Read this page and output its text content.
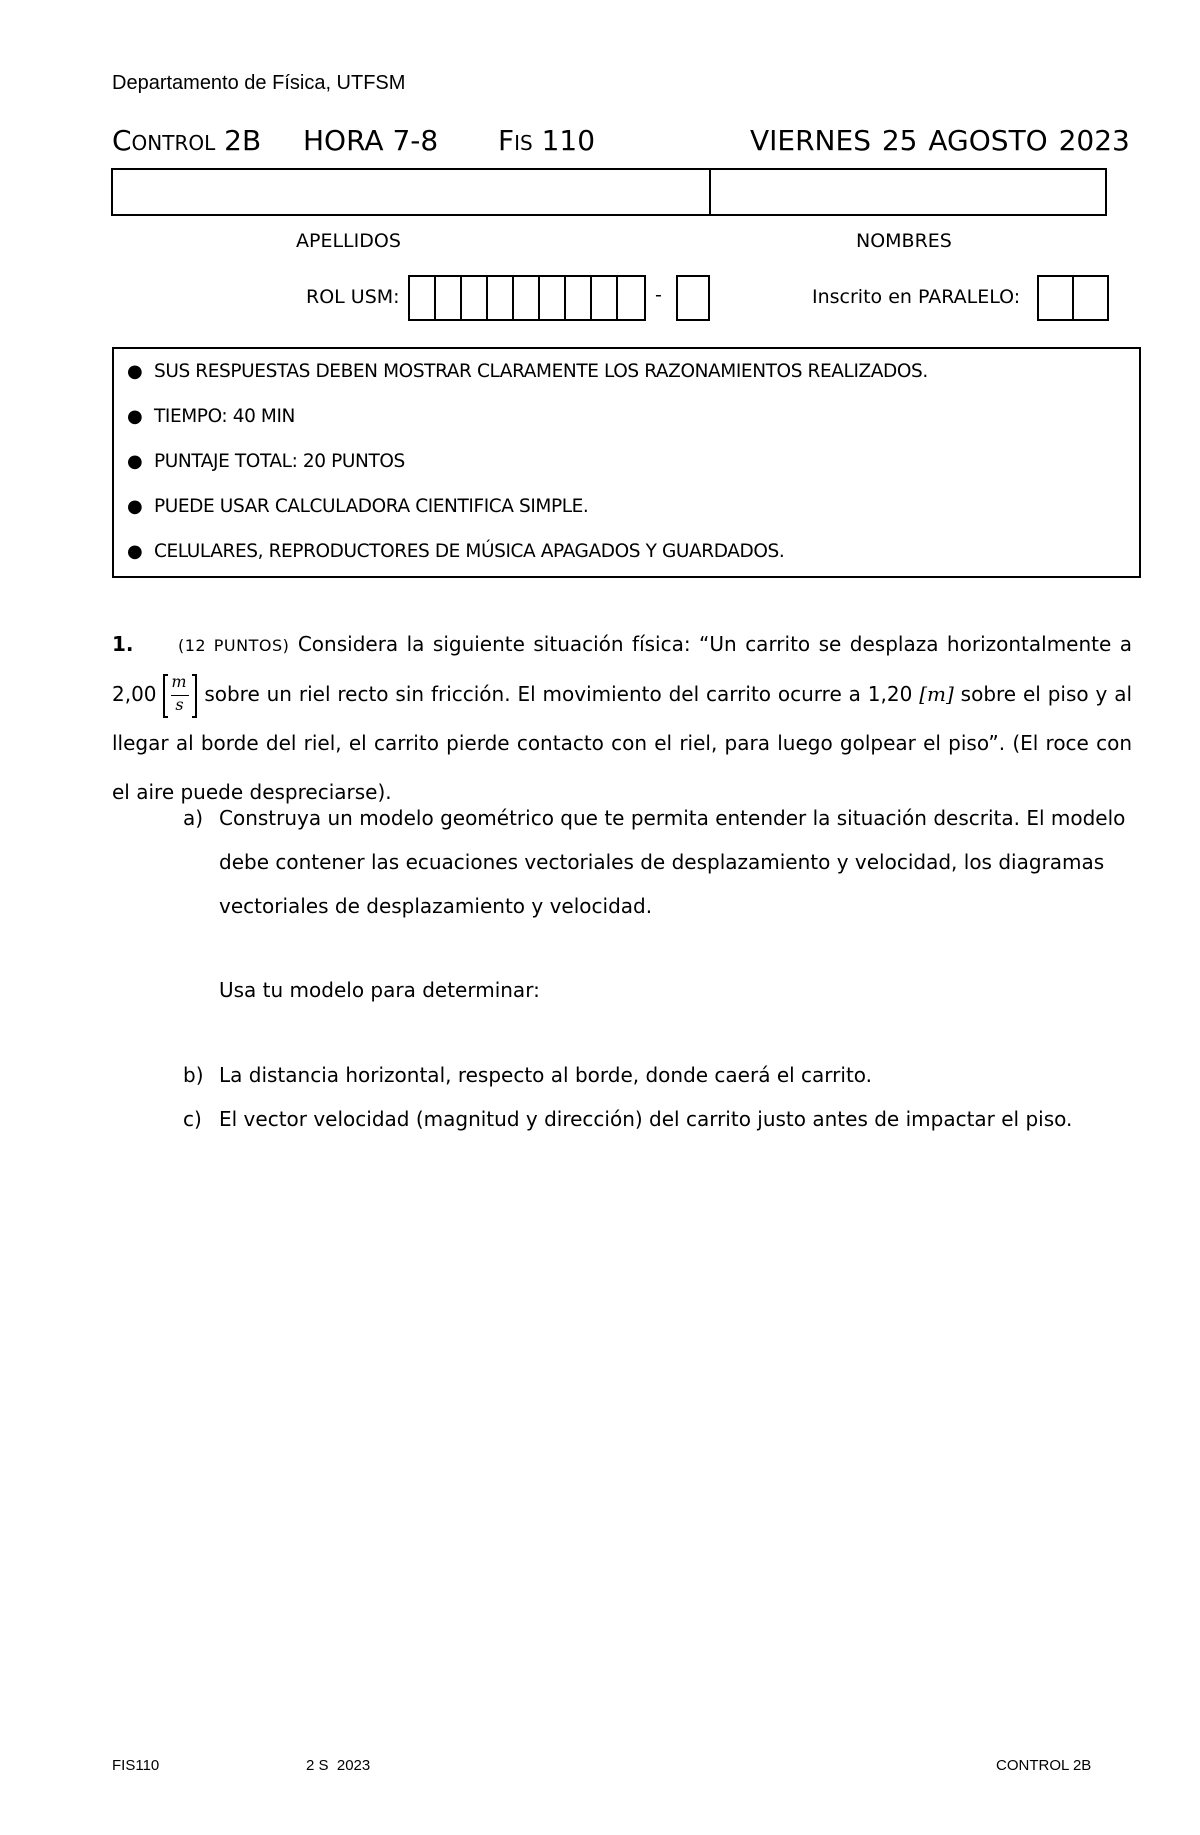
Departamento de Física, UTFSM
Control 2B HORA 7-8 Fis 110	VIERNES 25 AGOSTO 2023
APELLIDOS	NOMBRES
ROL USM:	-	Inscrito en PARALELO:
● SUS RESPUESTAS DEBEN MOSTRAR CLARAMENTE LOS RAZONAMIENTOS REALIZADOS.
● TIEMPO: 40 MIN
● PUNTAJE TOTAL: 20 PUNTOS
● PUEDE USAR CALCULADORA CIENTIFICA SIMPLE.
● CELULARES, REPRODUCTORES DE MÚSICA APAGADOS Y GUARDADOS.
1.	(12 PUNTOS) Considera la siguiente situación física: “Un carrito se desplaza horizontalmente a $2,00 \frac{m}{s}$ sobre un riel recto sin fricción. El movimiento del carrito ocurre a 1,20 [m] sobre el piso y al llegar al borde del riel, el carrito pierde contacto con el riel, para luego golpear el piso”. (El roce con el aire puede despreciarse).
a) Construya un modelo geométrico que te permita entender la situación descrita. El modelo debe contener las ecuaciones vectoriales de desplazamiento y velocidad, los diagramas vectoriales de desplazamiento y velocidad.
Usa tu modelo para determinar:
b) La distancia horizontal, respecto al borde, donde caerá el carrito.
c) El vector velocidad (magnitud y dirección) del carrito justo antes de impactar el piso.
FIS110	2 S  2023	CONTROL 2B
